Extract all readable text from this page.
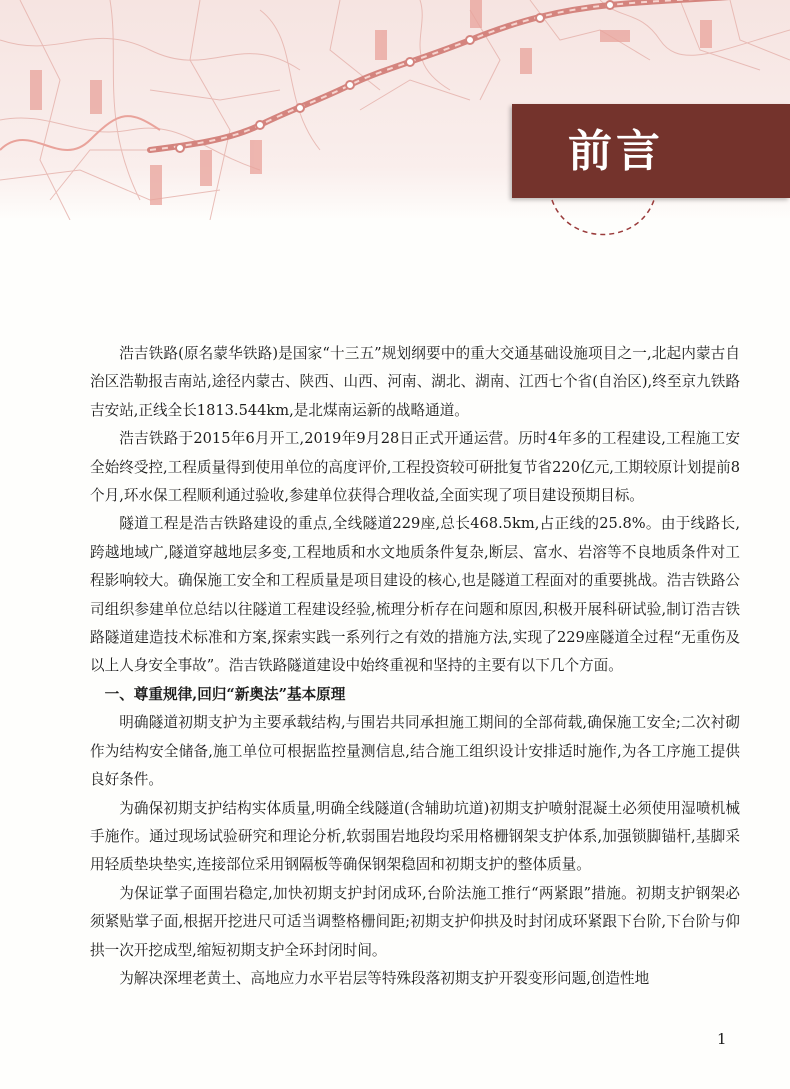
前言

浩吉铁路(原名蒙华铁路)是国家“十三五”规划纲要中的重大交通基础设施项目之一,北起内蒙古自治区浩勒报吉南站,途径内蒙古、陕西、山西、河南、湖北、湖南、江西七个省(自治区),终至京九铁路吉安站,正线全长1813.544km,是北煤南运新的战略通道。

浩吉铁路于2015年6月开工,2019年9月28日正式开通运营。历时4年多的工程建设,工程施工安全始终受控,工程质量得到使用单位的高度评价,工程投资较可研批复节省220亿元,工期较原计划提前8个月,环水保工程顺利通过验收,参建单位获得合理收益,全面实现了项目建设预期目标。

隧道工程是浩吉铁路建设的重点,全线隧道229座,总长468.5km,占正线的25.8%。由于线路长,跨越地域广,隧道穿越地层多变,工程地质和水文地质条件复杂,断层、富水、岩溶等不良地质条件对工程影响较大。确保施工安全和工程质量是项目建设的核心,也是隧道工程面对的重要挑战。浩吉铁路公司组织参建单位总结以往隧道工程建设经验,梳理分析存在问题和原因,积极开展科研试验,制订浩吉铁路隧道建造技术标准和方案,探索实践一系列行之有效的措施方法,实现了229座隧道全过程“无重伤及以上人身安全事故”。浩吉铁路隧道建设中始终重视和坚持的主要有以下几个方面。

一、尊重规律,回归“新奥法”基本原理

明确隧道初期支护为主要承载结构,与围岩共同承担施工期间的全部荷载,确保施工安全;二次衬砌作为结构安全储备,施工单位可根据监控量测信息,结合施工组织设计安排适时施作,为各工序施工提供良好条件。

为确保初期支护结构实体质量,明确全线隧道(含辅助坑道)初期支护喷射混凝土必须使用湿喷机械手施作。通过现场试验研究和理论分析,软弱围岩地段均采用格栅钢架支护体系,加强锁脚锚杆,基脚采用轻质垫块垫实,连接部位采用钢隔板等确保钢架稳固和初期支护的整体质量。

为保证掌子面围岩稳定,加快初期支护封闭成环,台阶法施工推行“两紧跟”措施。初期支护钢架必须紧贴掌子面,根据开挖进尺可适当调整格栅间距;初期支护仰拱及时封闭成环紧跟下台阶,下台阶与仰拱一次开挖成型,缩短初期支护全环封闭时间。

为解决深埋老黄土、高地应力水平岩层等特殊段落初期支护开裂变形问题,创造性地

1
